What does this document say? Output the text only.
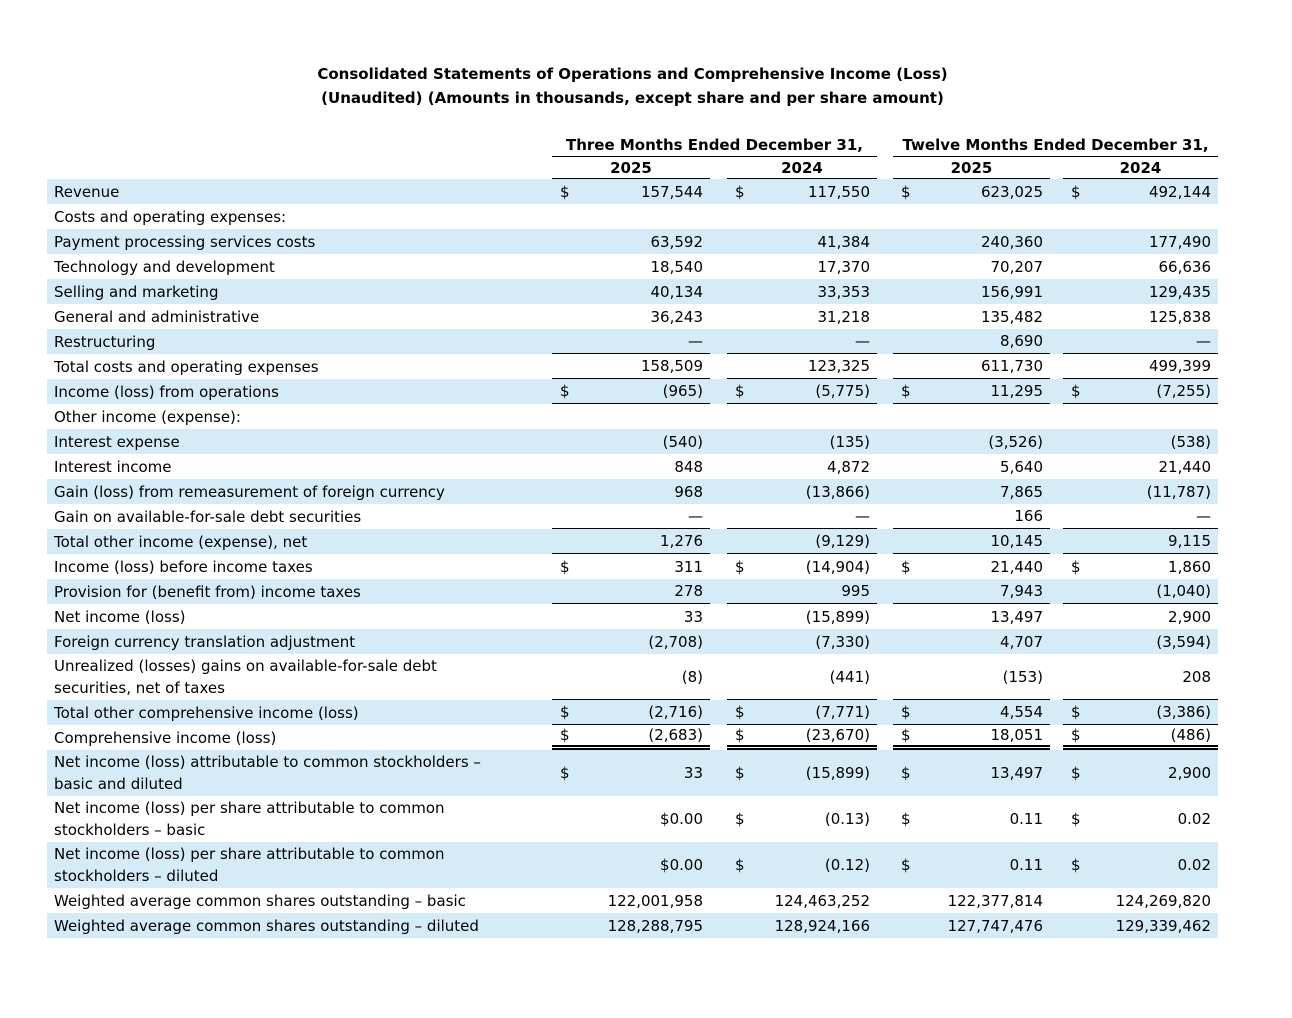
Consolidated Statements of Operations and Comprehensive Income (Loss)
(Unaudited) (Amounts in thousands, except share and per share amount)
Three Months Ended December 31,	Twelve Months Ended December 31,
2025	2024	2025	2024
Revenue	$	157,544 $	117,550 $	623,025 $	492,144
Costs and operating expenses:
Payment processing services costs	63,592	41,384	240,360	177,490
Technology and development	18,540	17,370	70,207	66,636
Selling and marketing	40,134	33,353	156,991	129,435
General and administrative	36,243	31,218	135,482	125,838
Restructuring	—	—	8,690	—
Total costs and operating expenses	158,509	123,325	611,730	499,399
Income (loss) from operations	$	(965) $	(5,775) $	11,295 $	(7,255)
Other income (expense):
Interest expense	(540)	(135)	(3,526)	(538)
Interest income	848	4,872	5,640	21,440
Gain (loss) from remeasurement of foreign currency	968	(13,866)	7,865	(11,787)
Gain on available-for-sale debt securities	—	—	166	—
Total other income (expense), net	1,276	(9,129)	10,145	9,115
Income (loss) before income taxes	$	311 $	(14,904) $	21,440 $	1,860
Provision for (benefit from) income taxes	278	995	7,943	(1,040)
Net income (loss)	33	(15,899)	13,497	2,900
Foreign currency translation adjustment	(2,708)	(7,330)	4,707	(3,594)
Unrealized (losses) gains on available-for-sale debt securities, net of taxes
(8)	(441)	(153)	208
Total other comprehensive income (loss)	$	(2,716) $	(7,771) $	4,554 $	(3,386)
Comprehensive income (loss)	$	(2,683) $	(23,670) $	18,051 $	(486)
Net income (loss) attributable to common stockholders – basic and diluted
$	33 $	(15,899) $	13,497 $	2,900
Net income (loss) per share attributable to common stockholders – basic
$0.00 $	(0.13) $	0.11 $	0.02
Net income (loss) per share attributable to common stockholders – diluted
$0.00 $	(0.12) $	0.11 $	0.02
Weighted average common shares outstanding – basic	122,001,958	124,463,252	122,377,814	124,269,820
Weighted average common shares outstanding – diluted	128,288,795	128,924,166	127,747,476	129,339,462
